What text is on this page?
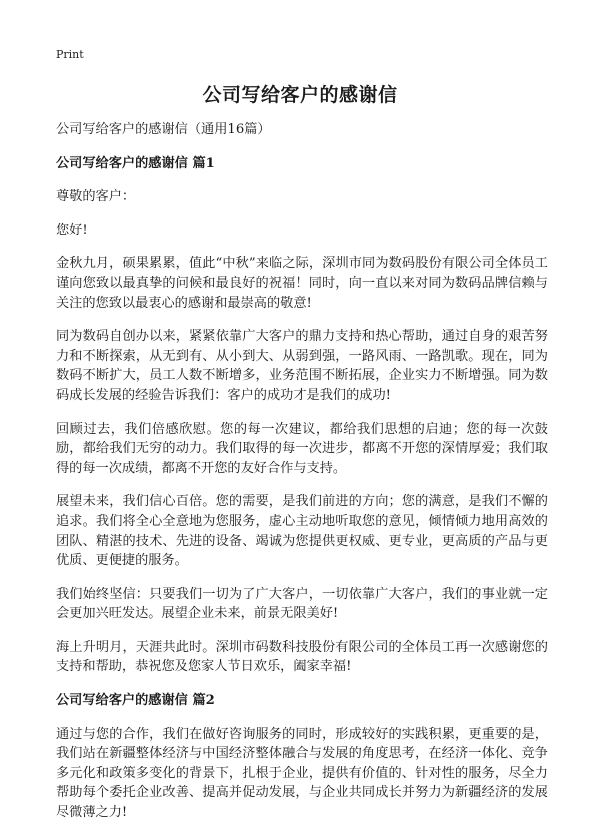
Print
公司写给客户的感谢信

公司写给客户的感谢信（通用16篇）

公司写给客户的感谢信 篇1

尊敬的客户：

您好!

金秋九月，硕果累累，值此“中秋”来临之际，深圳市同为数码股份有限公司全体员工谨向您致以最真挚的问候和最良好的祝福！同时，向一直以来对同为数码品牌信赖与关注的您致以最衷心的感谢和最崇高的敬意!

同为数码自创办以来，紧紧依靠广大客户的鼎力支持和热心帮助，通过自身的艰苦努力和不断探索，从无到有、从小到大、从弱到强，一路风雨、一路凯歌。现在，同为数码不断扩大，员工人数不断增多，业务范围不断拓展，企业实力不断增强。同为数码成长发展的经验告诉我们：客户的成功才是我们的成功!

回顾过去，我们倍感欣慰。您的每一次建议，都给我们思想的启迪；您的每一次鼓励，都给我们无穷的动力。我们取得的每一次进步，都离不开您的深情厚爱；我们取得的每一次成绩，都离不开您的友好合作与支持。

展望未来，我们信心百倍。您的需要，是我们前进的方向；您的满意，是我们不懈的追求。我们将全心全意地为您服务，虚心主动地听取您的意见，倾情倾力地用高效的团队、精湛的技术、先进的设备、竭诚为您提供更权威、更专业，更高质的产品与更优质、更便捷的服务。

我们始终坚信：只要我们一切为了广大客户，一切依靠广大客户，我们的事业就一定会更加兴旺发达。展望企业未来，前景无限美好!

海上升明月，天涯共此时。深圳市码数科技股份有限公司的全体员工再一次感谢您的支持和帮助，恭祝您及您家人节日欢乐，阖家幸福!

公司写给客户的感谢信 篇2

通过与您的合作，我们在做好咨询服务的同时，形成较好的实践积累，更重要的是，我们站在新疆整体经济与中国经济整体融合与发展的角度思考，在经济一体化、竞争多元化和政策多变化的背景下，扎根于企业，提供有价值的、针对性的服务，尽全力帮助每个委托企业改善、提高并促动发展，与企业共同成长并努力为新疆经济的发展尽微薄之力!
